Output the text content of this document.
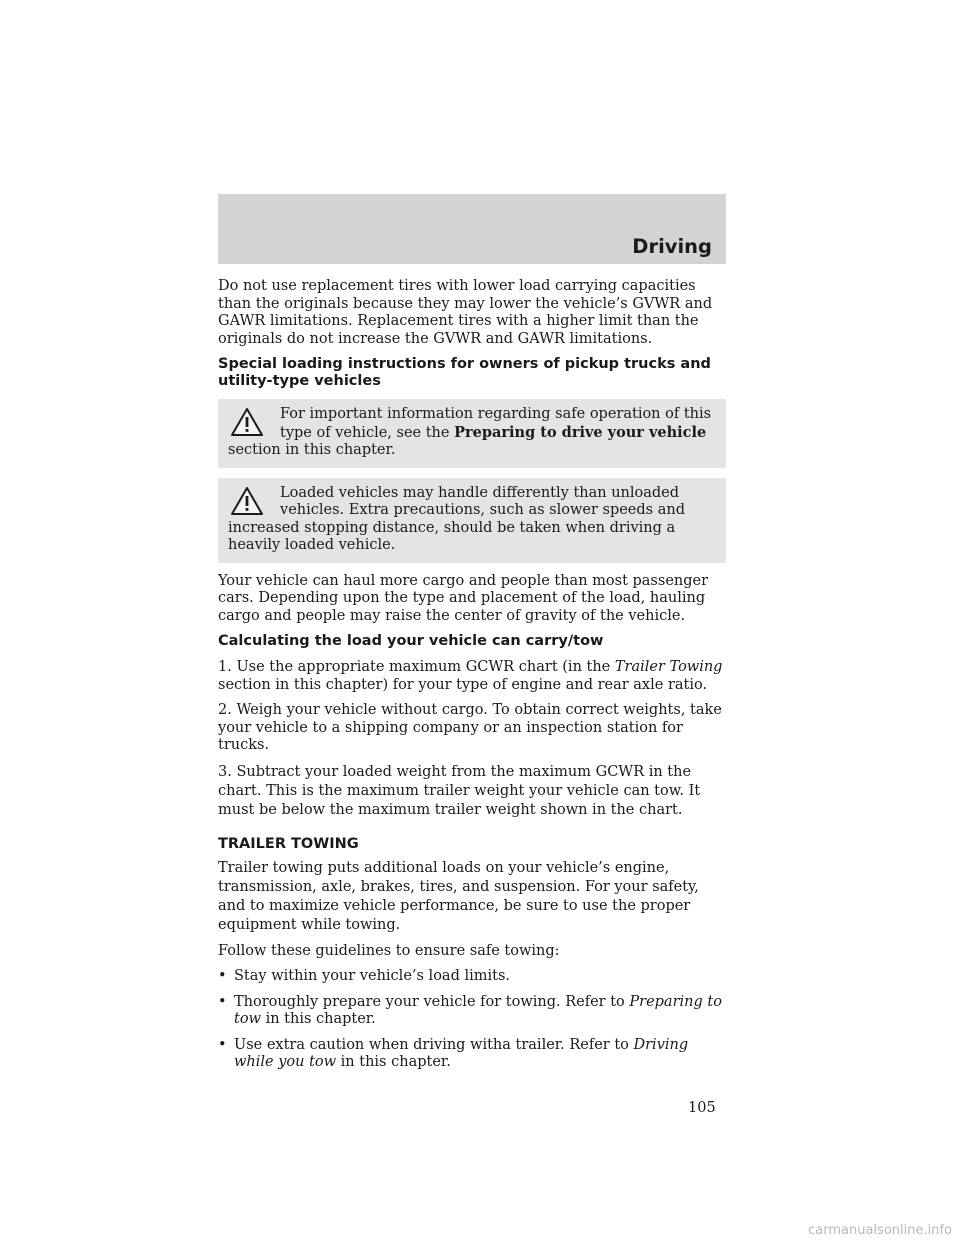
Driving

Do not use replacement tires with lower load carrying capacities than the originals because they may lower the vehicle’s GVWR and GAWR limitations. Replacement tires with a higher limit than the originals do not increase the GVWR and GAWR limitations.

Special loading instructions for owners of pickup trucks and utility-type vehicles
For important information regarding safe operation of this type of vehicle, see the Preparing to drive your vehicle section in this chapter.
Loaded vehicles may handle differently than unloaded vehicles. Extra precautions, such as slower speeds and increased stopping distance, should be taken when driving a heavily loaded vehicle.

Your vehicle can haul more cargo and people than most passenger cars. Depending upon the type and placement of the load, hauling cargo and people may raise the center of gravity of the vehicle.

Calculating the load your vehicle can carry/tow

1. Use the appropriate maximum GCWR chart (in the Trailer Towing section in this chapter) for your type of engine and rear axle ratio.

2. Weigh your vehicle without cargo. To obtain correct weights, take your vehicle to a shipping company or an inspection station for trucks.

3. Subtract your loaded weight from the maximum GCWR in the chart. This is the maximum trailer weight your vehicle can tow. It must be below the maximum trailer weight shown in the chart.

TRAILER TOWING

Trailer towing puts additional loads on your vehicle’s engine, transmission, axle, brakes, tires, and suspension. For your safety, and to maximize vehicle performance, be sure to use the proper equipment while towing.

Follow these guidelines to ensure safe towing:

• Stay within your vehicle’s load limits.
• Thoroughly prepare your vehicle for towing. Refer to Preparing to tow in this chapter.
• Use extra caution when driving witha trailer. Refer to Driving while you tow in this chapter.
105
carmanualsonline.info
